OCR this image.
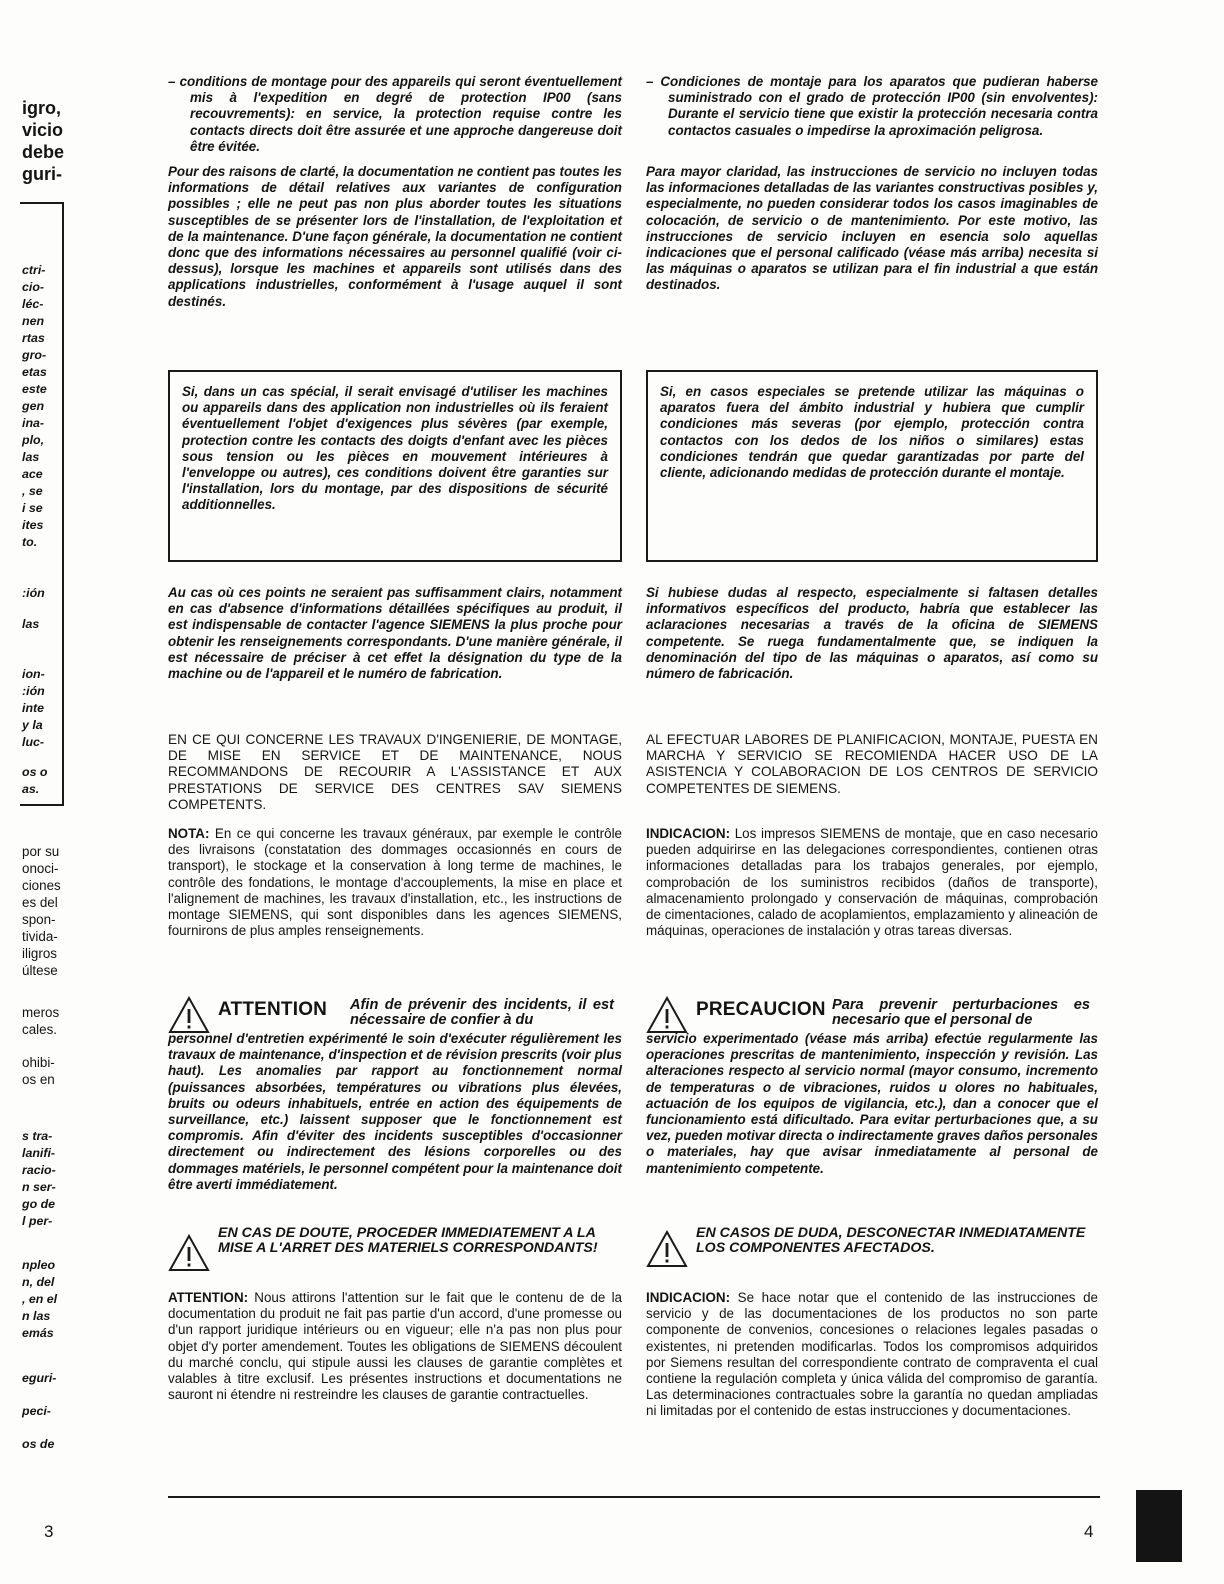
igro,
vicio
debe
guri-
ctri-
cio-
léc-
nen
rtas
gro-
etas
este
gen
ina-
plo,
las
ace
, se
i se
ites
to.
:ión
las
ion-
:ión
inte
y la
luc-
os o
as.
por su
onoci-
ciones
es del
spon-
tivida-
iligros
últese
meros
cales.
ohibi-
os en
s tra-
lanifi-
racio-
n ser-
go de
l per-
npleo
n, del
, en el
n las
emás
eguri-
peci-
os de
– conditions de montage pour des appareils qui seront éventuellement mis à l'expedition en degré de protection IP00 (sans recouvrements): en service, la protection requise contre les contacts directs doit être assurée et une approche dangereuse doit être évitée.
Pour des raisons de clarté, la documentation ne contient pas toutes les informations de détail relatives aux variantes de configuration possibles ; elle ne peut pas non plus aborder toutes les situations susceptibles de se présenter lors de l'installation, de l'exploitation et de la maintenance. D'une façon générale, la documentation ne contient donc que des informations nécessaires au personnel qualifié (voir ci-dessus), lorsque les machines et appareils sont utilisés dans des applications industrielles, conformément à l'usage auquel il sont destinés.
Si, dans un cas spécial, il serait envisagé d'utiliser les machines ou appareils dans des application non industrielles où ils feraient éventuellement l'objet d'exigences plus sévères (par exemple, protection contre les contacts des doigts d'enfant avec les pièces sous tension ou les pièces en mouvement intérieures à l'enveloppe ou autres), ces conditions doivent être garanties sur l'installation, lors du montage, par des dispositions de sécurité additionnelles.
Au cas où ces points ne seraient pas suffisamment clairs, notamment en cas d'absence d'informations détaillées spécifiques au produit, il est indispensable de contacter l'agence SIEMENS la plus proche pour obtenir les renseignements correspondants. D'une manière générale, il est nécessaire de préciser à cet effet la désignation du type de la machine ou de l'appareil et le numéro de fabrication.
EN CE QUI CONCERNE LES TRAVAUX D'INGENIERIE, DE MONTAGE, DE MISE EN SERVICE ET DE MAINTENANCE, NOUS RECOMMANDONS DE RECOURIR A L'ASSISTANCE ET AUX PRESTATIONS DE SERVICE DES CENTRES SAV SIEMENS COMPETENTS.
NOTA: En ce qui concerne les travaux généraux, par exemple le contrôle des livraisons (constatation des dommages occasionnés en cours de transport), le stockage et la conservation à long terme de machines, le contrôle des fondations, le montage d'accouplements, la mise en place et l'alignement de machines, les travaux d'installation, etc., les instructions de montage SIEMENS, qui sont disponibles dans les agences SIEMENS, fournirons de plus amples renseignements.
ATTENTION	Afin de prévenir des incidents, il est nécessaire de confier à du
personnel d'entretien expérimenté le soin d'exécuter régulièrement les travaux de maintenance, d'inspection et de révision prescrits (voir plus haut). Les anomalies par rapport au fonctionnement normal (puissances absorbées, températures ou vibrations plus élevées, bruits ou odeurs inhabituels, entrée en action des équipements de surveillance, etc.) laissent supposer que le fonctionnement est compromis. Afin d'éviter des incidents susceptibles d'occasionner directement ou indirectement des lésions corporelles ou des dommages matériels, le personnel compétent pour la maintenance doit être averti immédiatement.
EN CAS DE DOUTE, PROCEDER IMMEDIATEMENT A LA MISE A L'ARRET DES MATERIELS CORRESPONDANTS!
ATTENTION: Nous attirons l'attention sur le fait que le contenu de de la documentation du produit ne fait pas partie d'un accord, d'une promesse ou d'un rapport juridique intérieurs ou en vigueur; elle n'a pas non plus pour objet d'y porter amendement. Toutes les obligations de SIEMENS découlent du marché conclu, qui stipule aussi les clauses de garantie complètes et valables à titre exclusif. Les présentes instructions et documentations ne sauront ni étendre ni restreindre les clauses de garantie contractuelles.
– Condiciones de montaje para los aparatos que pudieran haberse suministrado con el grado de protección IP00 (sin envolventes): Durante el servicio tiene que existir la protección necesaria contra contactos casuales o impedirse la aproximación peligrosa.
Para mayor claridad, las instrucciones de servicio no incluyen todas las informaciones detalladas de las variantes constructivas posibles y, especialmente, no pueden considerar todos los casos imaginables de colocación, de servicio o de mantenimiento. Por este motivo, las instrucciones de servicio incluyen en esencia solo aquellas indicaciones que el personal calificado (véase más arriba) necesita si las máquinas o aparatos se utilizan para el fin industrial a que están destinados.
Si, en casos especiales se pretende utilizar las máquinas o aparatos fuera del ámbito industrial y hubiera que cumplir condiciones más severas (por ejemplo, protección contra contactos con los dedos de los niños o similares) estas condiciones tendrán que quedar garantizadas por parte del cliente, adicionando medidas de protección durante el montaje.
Si hubiese dudas al respecto, especialmente si faltasen detalles informativos específicos del producto, habría que establecer las aclaraciones necesarias a través de la oficina de SIEMENS competente. Se ruega fundamentalmente que, se indiquen la denominación del tipo de las máquinas o aparatos, así como su número de fabricación.
AL EFECTUAR LABORES DE PLANIFICACION, MONTAJE, PUESTA EN MARCHA Y SERVICIO SE RECOMIENDA HACER USO DE LA ASISTENCIA Y COLABORACION DE LOS CENTROS DE SERVICIO COMPETENTES DE SIEMENS.
INDICACION: Los impresos SIEMENS de montaje, que en caso necesario pueden adquirirse en las delegaciones correspondientes, contienen otras informaciones detalladas para los trabajos generales, por ejemplo, comprobación de los suministros recibidos (daños de transporte), almacenamiento prolongado y conservación de máquinas, comprobación de cimentaciones, calado de acoplamientos, emplazamiento y alineación de máquinas, operaciones de instalación y otras tareas diversas.
PRECAUCION Para prevenir perturbaciones es necesario que el personal de
servicio experimentado (véase más arriba) efectúe regularmente las operaciones prescritas de mantenimiento, inspección y revisión. Las alteraciones respecto al servicio normal (mayor consumo, incremento de temperaturas o de vibraciones, ruidos u olores no habituales, actuación de los equipos de vigilancia, etc.), dan a conocer que el funcionamiento está dificultado. Para evitar perturbaciones que, a su vez, pueden motivar directa o indirectamente graves daños personales o materiales, hay que avisar inmediatamente al personal de mantenimiento competente.
EN CASOS DE DUDA, DESCONECTAR INMEDIATAMENTE LOS COMPONENTES AFECTADOS.
INDICACION: Se hace notar que el contenido de las instrucciones de servicio y de las documentaciones de los productos no son parte componente de convenios, concesiones o relaciones legales pasadas o existentes, ni pretenden modificarlas. Todos los compromisos adquiridos por Siemens resultan del correspondiente contrato de compraventa el cual contiene la regulación completa y única válida del compromiso de garantía. Las determinaciones contractuales sobre la garantía no quedan ampliadas ni limitadas por el contenido de estas instrucciones y documentaciones.
3	4
